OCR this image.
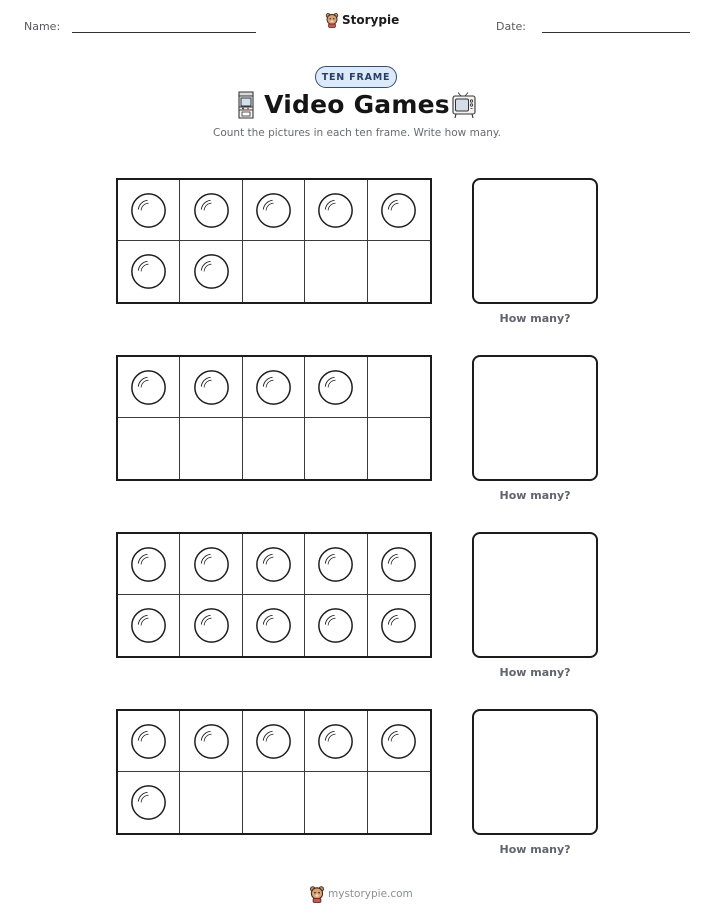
Name:	Storypie	Date:
TEN FRAME
Video Games
Count the pictures in each ten frame. Write how many.
How many?
How many?
How many?
How many?
mystorypie.com
